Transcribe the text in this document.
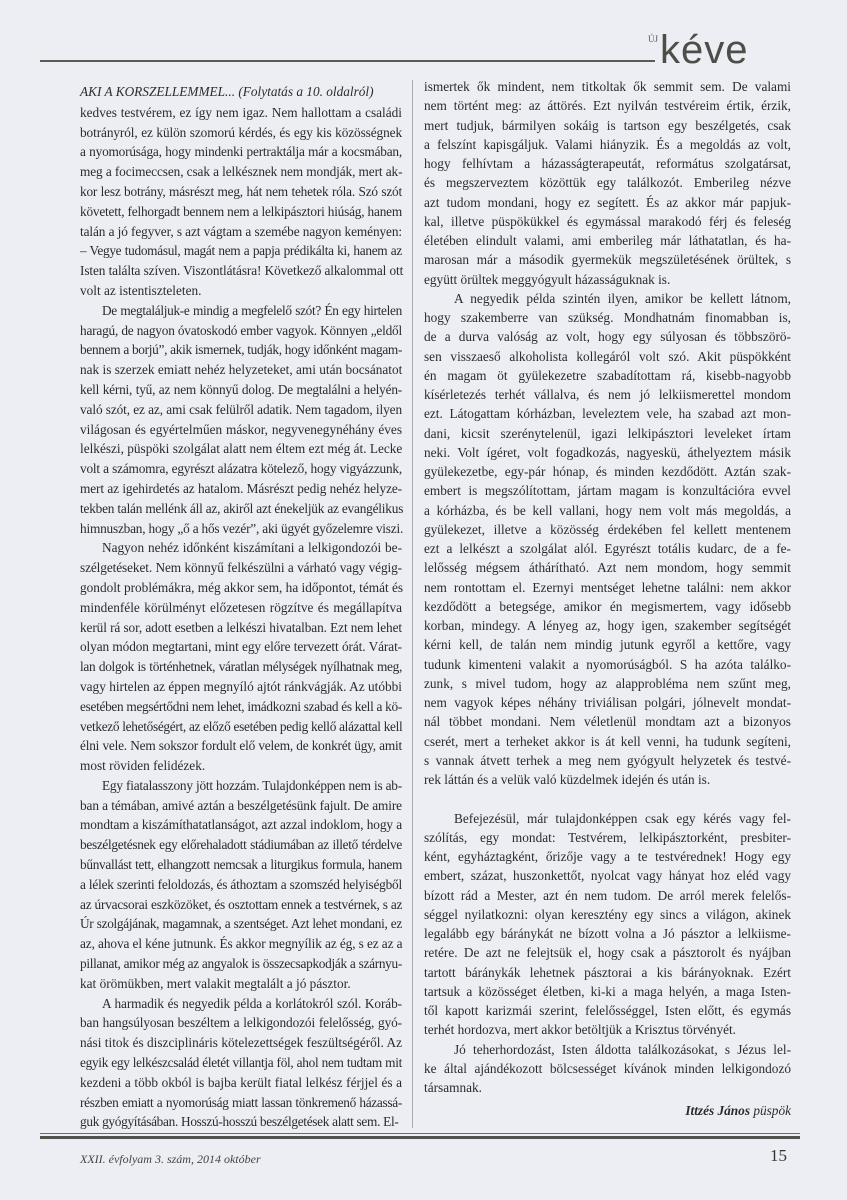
ÚJ kéve
AKI A KORSZELLEMMEL... (Folytatás a 10. oldalról)
kedves testvérem, ez így nem igaz. Nem hallottam a családi
botrányról, ez külön szomorú kérdés, és egy kis közösségnek
a nyomorúsága, hogy mindenki pertraktálja már a kocsmában,
meg a focimeccsen, csak a lelkésznek nem mondják, mert ak-
kor lesz botrány, másrészt meg, hát nem tehetek róla. Szó szót
követett, felhorgadt bennem nem a lelkipásztori hiúság, hanem
talán a jó fegyver, s azt vágtam a szemébe nagyon keményen:
– Vegye tudomásul, magát nem a papja prédikálta ki, hanem az
Isten találta szíven. Viszontlátásra! Következő alkalommal ott
volt az istentiszteleten.
De megtaláljuk-e mindig a megfelelő szót? Én egy hirtelen
haragú, de nagyon óvatoskodó ember vagyok. Könnyen „eldől
bennem a borjú”, akik ismernek, tudják, hogy időnként magam-
nak is szerzek emiatt nehéz helyzeteket, ami után bocsánatot
kell kérni, tyű, az nem könnyű dolog. De megtalálni a helyén-
való szót, ez az, ami csak felülről adatik. Nem tagadom, ilyen
világosan és egyértelműen máskor, negyvenegynéhány éves
lelkészi, püspöki szolgálat alatt nem éltem ezt még át. Lecke
volt a számomra, egyrészt alázatra kötelező, hogy vigyázzunk,
mert az igehirdetés az hatalom. Másrészt pedig nehéz helyze-
tekben talán mellénk áll az, akiről azt énekeljük az evangélikus
himnuszban, hogy „ő a hős vezér”, aki ügyét győzelemre viszi.
Nagyon nehéz időnként kiszámítani a lelkigondozói be-
szélgetéseket. Nem könnyű felkészülni a várható vagy végig-
gondolt problémákra, még akkor sem, ha időpontot, témát és
mindenféle körülményt előzetesen rögzítve és megállapítva
kerül rá sor, adott esetben a lelkészi hivatalban. Ezt nem lehet
olyan módon megtartani, mint egy előre tervezett órát. Várat-
lan dolgok is történhetnek, váratlan mélységek nyílhatnak meg,
vagy hirtelen az éppen megnyíló ajtót ránkvágják. Az utóbbi
esetében megsértődni nem lehet, imádkozni szabad és kell a kö-
vetkező lehetőségért, az előző esetében pedig kellő alázattal kell
élni vele. Nem sokszor fordult elő velem, de konkrét ügy, amit
most röviden felidézek.
Egy fiatalasszony jött hozzám. Tulajdonképpen nem is ab-
ban a témában, amivé aztán a beszélgetésünk fajult. De amire
mondtam a kiszámíthatatlanságot, azt azzal indoklom, hogy a
beszélgetésnek egy előrehaladott stádiumában az illető térdelve
bűnvallást tett, elhangzott nemcsak a liturgikus formula, hanem
a lélek szerinti feloldozás, és áthoztam a szomszéd helyiségből
az úrvacsorai eszközöket, és osztottam ennek a testvérnek, s az
Úr szolgájának, magamnak, a szentséget. Azt lehet mondani, ez
az, ahova el kéne jutnunk. És akkor megnyílik az ég, s ez az a
pillanat, amikor még az angyalok is összecsapkodják a szárnyu-
kat örömükben, mert valakit megtalált a jó pásztor.
A harmadik és negyedik példa a korlátokról szól. Koráb-
ban hangsúlyosan beszéltem a lelkigondozói felelősség, gyó-
nási titok és diszciplináris kötelezettségek feszültségéről. Az
egyik egy lelkészcsalád életét villantja föl, ahol nem tudtam mit
kezdeni a több okból is bajba került fiatal lelkész férjjel és a
részben emiatt a nyomorúság miatt lassan tönkremenő házassá-
guk gyógyításában. Hosszú-hosszú beszélgetések alatt sem. El-
ismertek ők mindent, nem titkoltak ők semmit sem. De valami
nem történt meg: az áttörés. Ezt nyilván testvéreim értik, érzik,
mert tudjuk, bármilyen sokáig is tartson egy beszélgetés, csak
a felszínt kapisgáljuk. Valami hiányzik. És a megoldás az volt,
hogy felhívtam a házasságterapeutát, református szolgatársat,
és megszerveztem közöttük egy találkozót. Emberileg nézve
azt tudom mondani, hogy ez segített. És az akkor már papjuk-
kal, illetve püspökükkel és egymással marakodó férj és feleség
életében elindult valami, ami emberileg már láthatatlan, és ha-
marosan már a második gyermekük megszületésének örültek, s
együtt örültek meggyógyult házasságuknak is.
A negyedik példa szintén ilyen, amikor be kellett látnom,
hogy szakemberre van szükség. Mondhatnám finomabban is,
de a durva valóság az volt, hogy egy súlyosan és többszörö-
sen visszaeső alkoholista kollegáról volt szó. Akit püspökként
én magam öt gyülekezetre szabadítottam rá, kisebb-nagyobb
kísérletezés terhét vállalva, és nem jó lelkiismerettel mondom
ezt. Látogattam kórházban, leveleztem vele, ha szabad azt mon-
dani, kicsit szerénytelenül, igazi lelkipásztori leveleket írtam
neki. Volt ígéret, volt fogadkozás, nagyeskü, áthelyeztem másik
gyülekezetbe, egy-pár hónap, és minden kezdődött. Aztán szak-
embert is megszólítottam, jártam magam is konzultációra evvel
a kórházba, és be kell vallani, hogy nem volt más megoldás, a
gyülekezet, illetve a közösség érdekében fel kellett mentenem
ezt a lelkészt a szolgálat alól. Egyrészt totális kudarc, de a fe-
lelősség mégsem áthárítható. Azt nem mondom, hogy semmit
nem rontottam el. Ezernyi mentséget lehetne találni: nem akkor
kezdődött a betegsége, amikor én megismertem, vagy idősebb
korban, mindegy. A lényeg az, hogy igen, szakember segítségét
kérni kell, de talán nem mindig jutunk egyről a kettőre, vagy
tudunk kimenteni valakit a nyomorúságból. S ha azóta találko-
zunk, s mivel tudom, hogy az alapprobléma nem szűnt meg,
nem vagyok képes néhány triviálisan polgári, jólnevelt mondat-
nál többet mondani. Nem véletlenül mondtam azt a bizonyos
cserét, mert a terheket akkor is át kell venni, ha tudunk segíteni,
s vannak átvett terhek a meg nem gyógyult helyzetek és testvé-
rek láttán és a velük való küzdelmek idején és után is.
Befejezésül, már tulajdonképpen csak egy kérés vagy fel-
szólítás, egy mondat: Testvérem, lelkipásztorként, presbiter-
ként, egyháztagként, őrizője vagy a te testvérednek! Hogy egy
embert, százat, huszonkettőt, nyolcat vagy hányat hoz eléd vagy
bízott rád a Mester, azt én nem tudom. De arról merek felelős-
séggel nyilatkozni: olyan keresztény egy sincs a világon, akinek
legalább egy báránykát ne bízott volna a Jó pásztor a lelkiisme-
retére. De azt ne felejtsük el, hogy csak a pásztorolt és nyájban
tartott báránykák lehetnek pásztorai a kis bárányoknak. Ezért
tartsuk a közösséget életben, ki-ki a maga helyén, a maga Isten-
től kapott karizmái szerint, felelősséggel, Isten előtt, és egymás
terhét hordozva, mert akkor betöltjük a Krisztus törvényét.
Jó teherhordozást, Isten áldotta találkozásokat, s Jézus lel-
ke által ajándékozott bölcsességet kívánok minden lelkigondozó
társamnak.
Ittzés János püspök
XXII. évfolyam 3. szám, 2014 október	15
